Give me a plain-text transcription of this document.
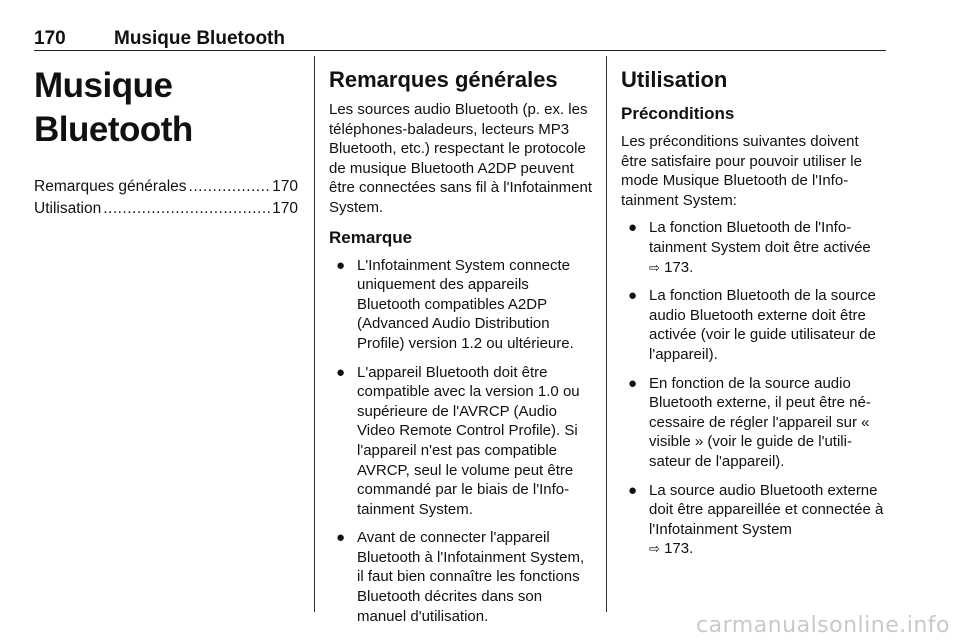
170	Musique Bluetooth
Musique Bluetooth
Remarques générales .....	170
Utilisation .....	170
Remarques générales

Les sources audio Bluetooth (p. ex. les téléphones-baladeurs, lecteurs MP3 Bluetooth, etc.) respectant le protocole de musique Bluetooth A2DP peuvent être connectées sans fil à l'Infotainment System.

Remarque
● L'Infotainment System connecte uniquement des appareils Bluetooth compatibles A2DP (Advanced Audio Distribution Profile) version 1.2 ou ultérieure.
● L'appareil Bluetooth doit être compatible avec la version 1.0 ou supérieure de l'AVRCP (Audio Video Remote Control Profile). Si l'appareil n'est pas compatible AVRCP, seul le volume peut être commandé par le biais de l'Infotainment System.
● Avant de connecter l'appareil Bluetooth à l'Infotainment System, il faut bien connaître les fonctions Bluetooth décrites dans son manuel d'utilisation.
Utilisation
Préconditions

Les préconditions suivantes doivent être satisfaire pour pouvoir utiliser le mode Musique Bluetooth de l'Infotainment System:

● La fonction Bluetooth de l'Infotainment System doit être activée
⇨ 173.
● La fonction Bluetooth de la source audio Bluetooth externe doit être activée (voir le guide utilisateur de l'appareil).
● En fonction de la source audio Bluetooth externe, il peut être nécessaire de régler l'appareil sur « visible » (voir le guide de l'utilisateur de l'appareil).
● La source audio Bluetooth externe doit être appareillée et connectée à l'Infotainment System
⇨ 173.
carmanualsonline.info
